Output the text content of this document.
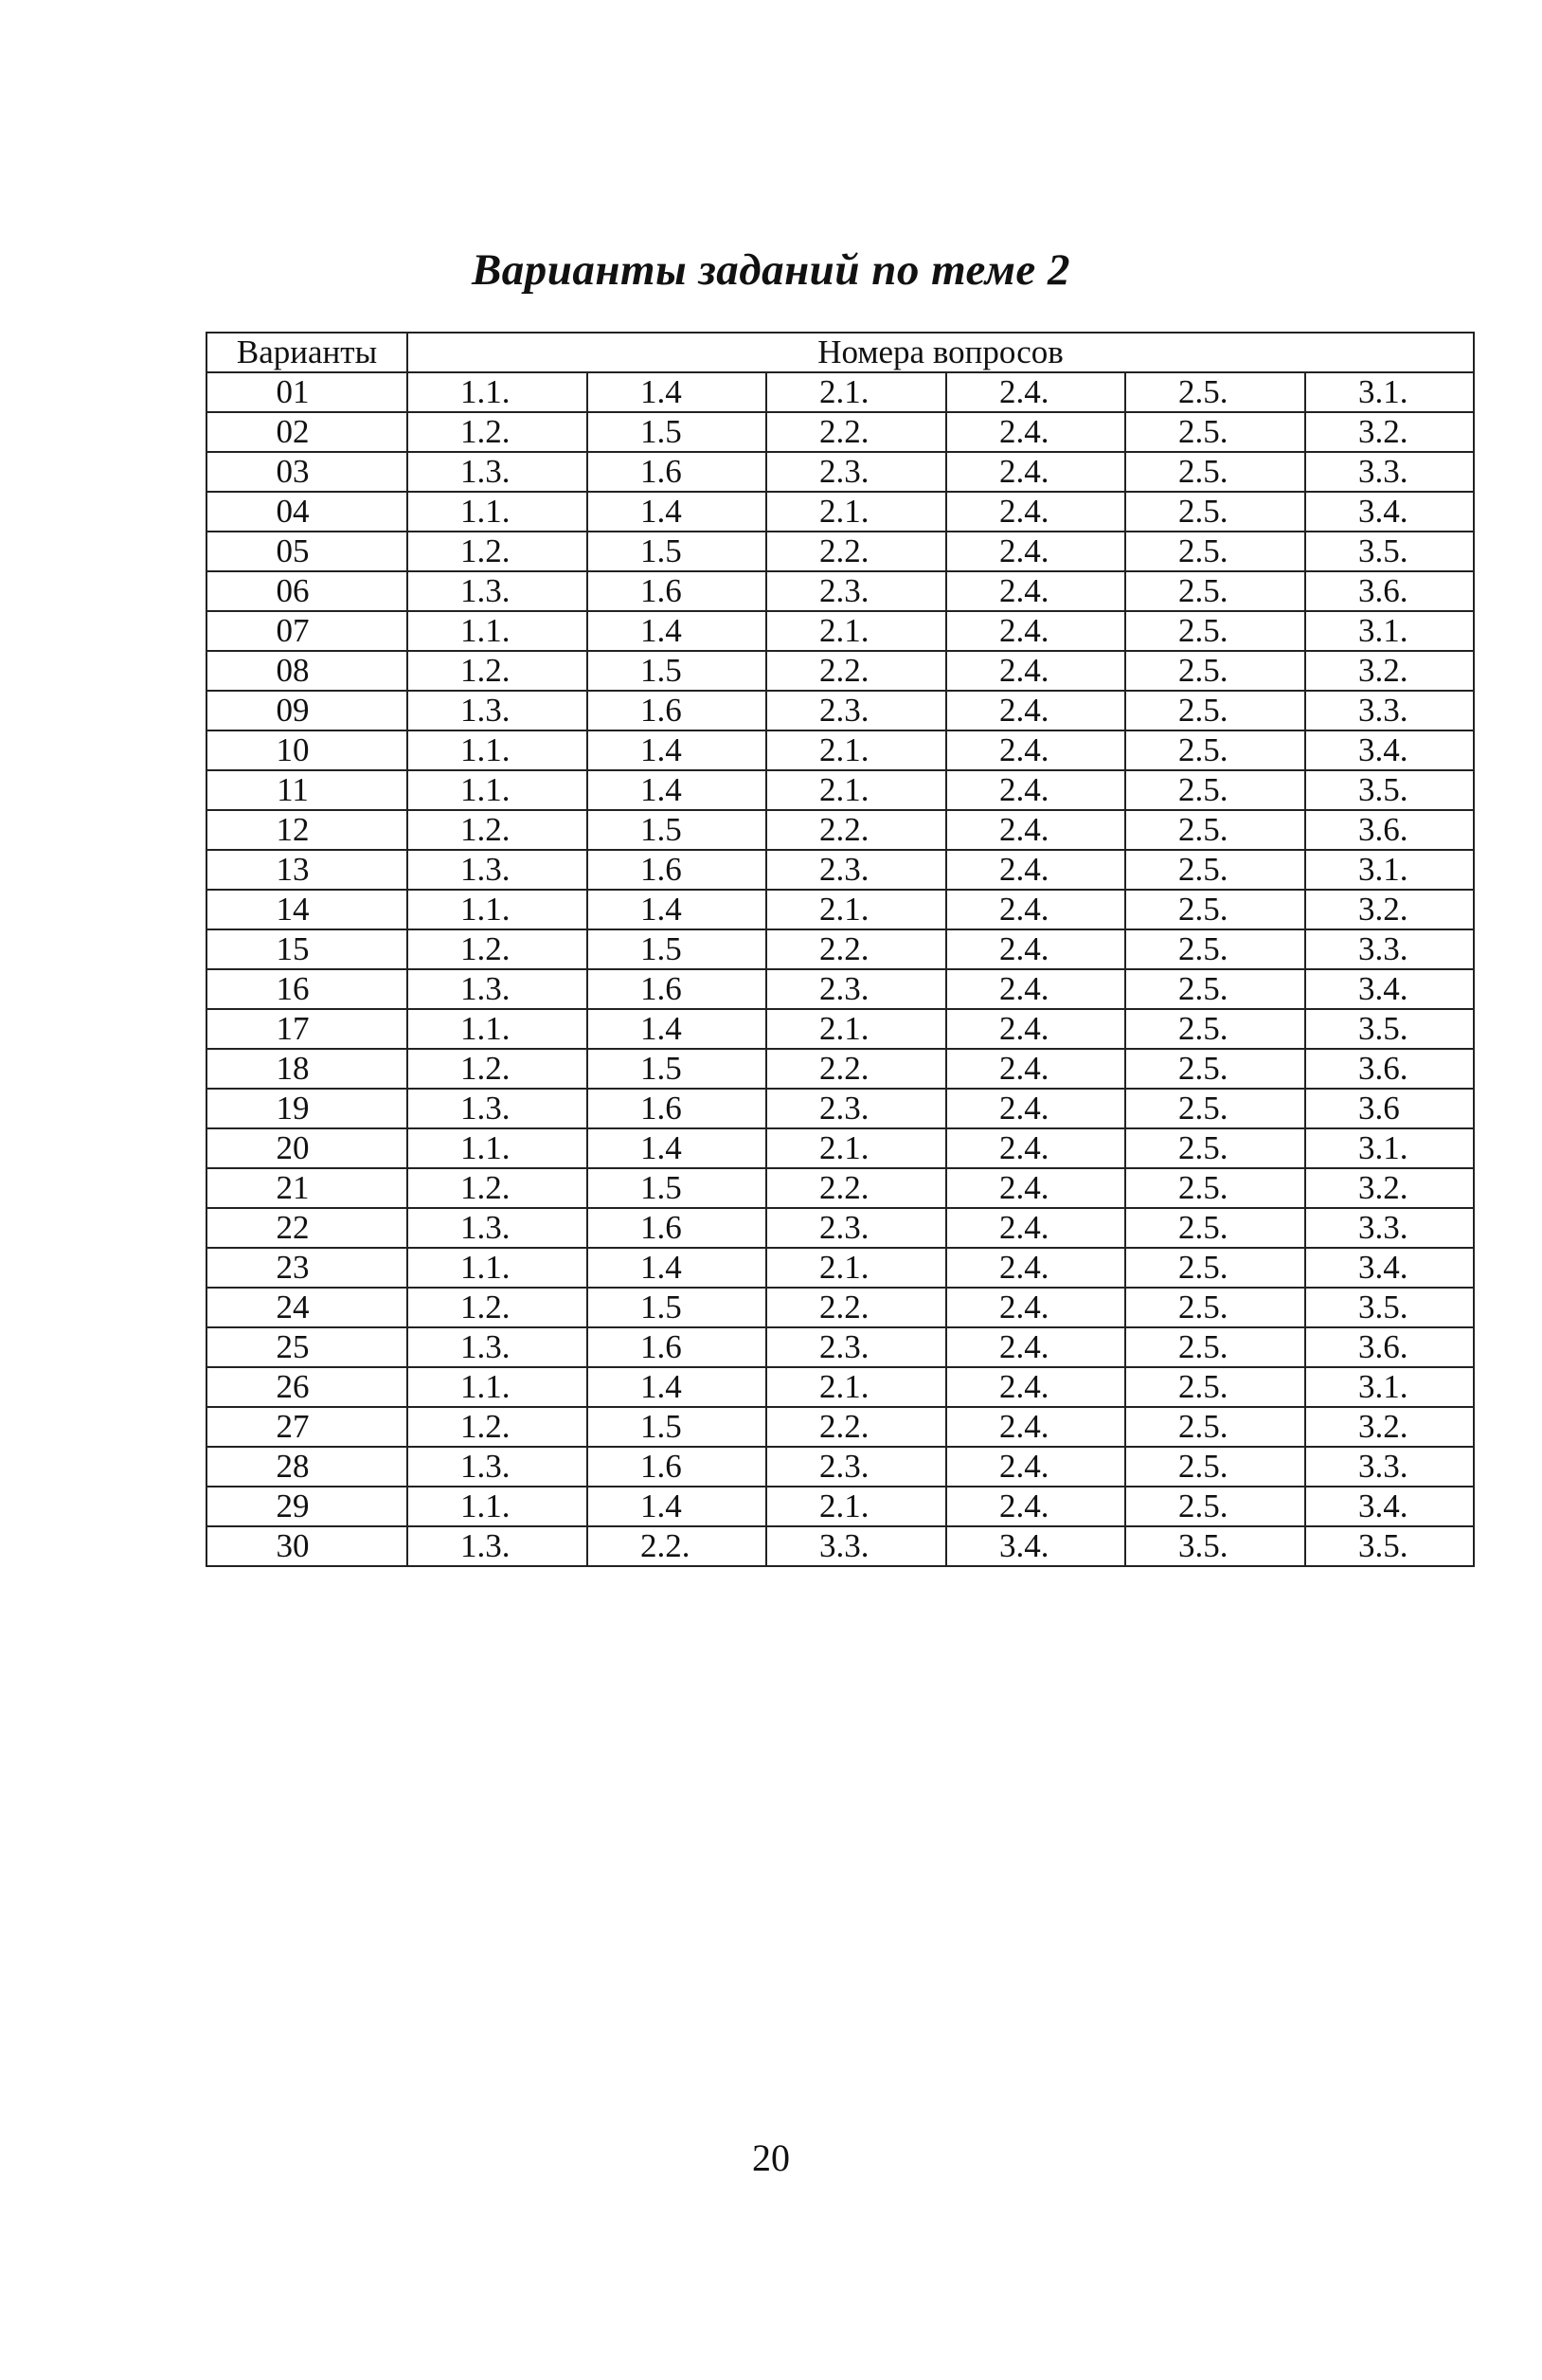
Варианты заданий по теме 2
Варианты	Номера вопросов					
01	1.1.	1.4	2.1.	2.4.	2.5.	3.1.
02	1.2.	1.5	2.2.	2.4.	2.5.	3.2.
03	1.3.	1.6	2.3.	2.4.	2.5.	3.3.
04	1.1.	1.4	2.1.	2.4.	2.5.	3.4.
05	1.2.	1.5	2.2.	2.4.	2.5.	3.5.
06	1.3.	1.6	2.3.	2.4.	2.5.	3.6.
07	1.1.	1.4	2.1.	2.4.	2.5.	3.1.
08	1.2.	1.5	2.2.	2.4.	2.5.	3.2.
09	1.3.	1.6	2.3.	2.4.	2.5.	3.3.
10	1.1.	1.4	2.1.	2.4.	2.5.	3.4.
11	1.1.	1.4	2.1.	2.4.	2.5.	3.5.
12	1.2.	1.5	2.2.	2.4.	2.5.	3.6.
13	1.3.	1.6	2.3.	2.4.	2.5.	3.1.
14	1.1.	1.4	2.1.	2.4.	2.5.	3.2.
15	1.2.	1.5	2.2.	2.4.	2.5.	3.3.
16	1.3.	1.6	2.3.	2.4.	2.5.	3.4.
17	1.1.	1.4	2.1.	2.4.	2.5.	3.5.
18	1.2.	1.5	2.2.	2.4.	2.5.	3.6.
19	1.3.	1.6	2.3.	2.4.	2.5.	3.6
20	1.1.	1.4	2.1.	2.4.	2.5.	3.1.
21	1.2.	1.5	2.2.	2.4.	2.5.	3.2.
22	1.3.	1.6	2.3.	2.4.	2.5.	3.3.
23	1.1.	1.4	2.1.	2.4.	2.5.	3.4.
24	1.2.	1.5	2.2.	2.4.	2.5.	3.5.
25	1.3.	1.6	2.3.	2.4.	2.5.	3.6.
26	1.1.	1.4	2.1.	2.4.	2.5.	3.1.
27	1.2.	1.5	2.2.	2.4.	2.5.	3.2.
28	1.3.	1.6	2.3.	2.4.	2.5.	3.3.
29	1.1.	1.4	2.1.	2.4.	2.5.	3.4.
30	1.3.	2.2.	3.3.	3.4.	3.5.	3.5.
20
